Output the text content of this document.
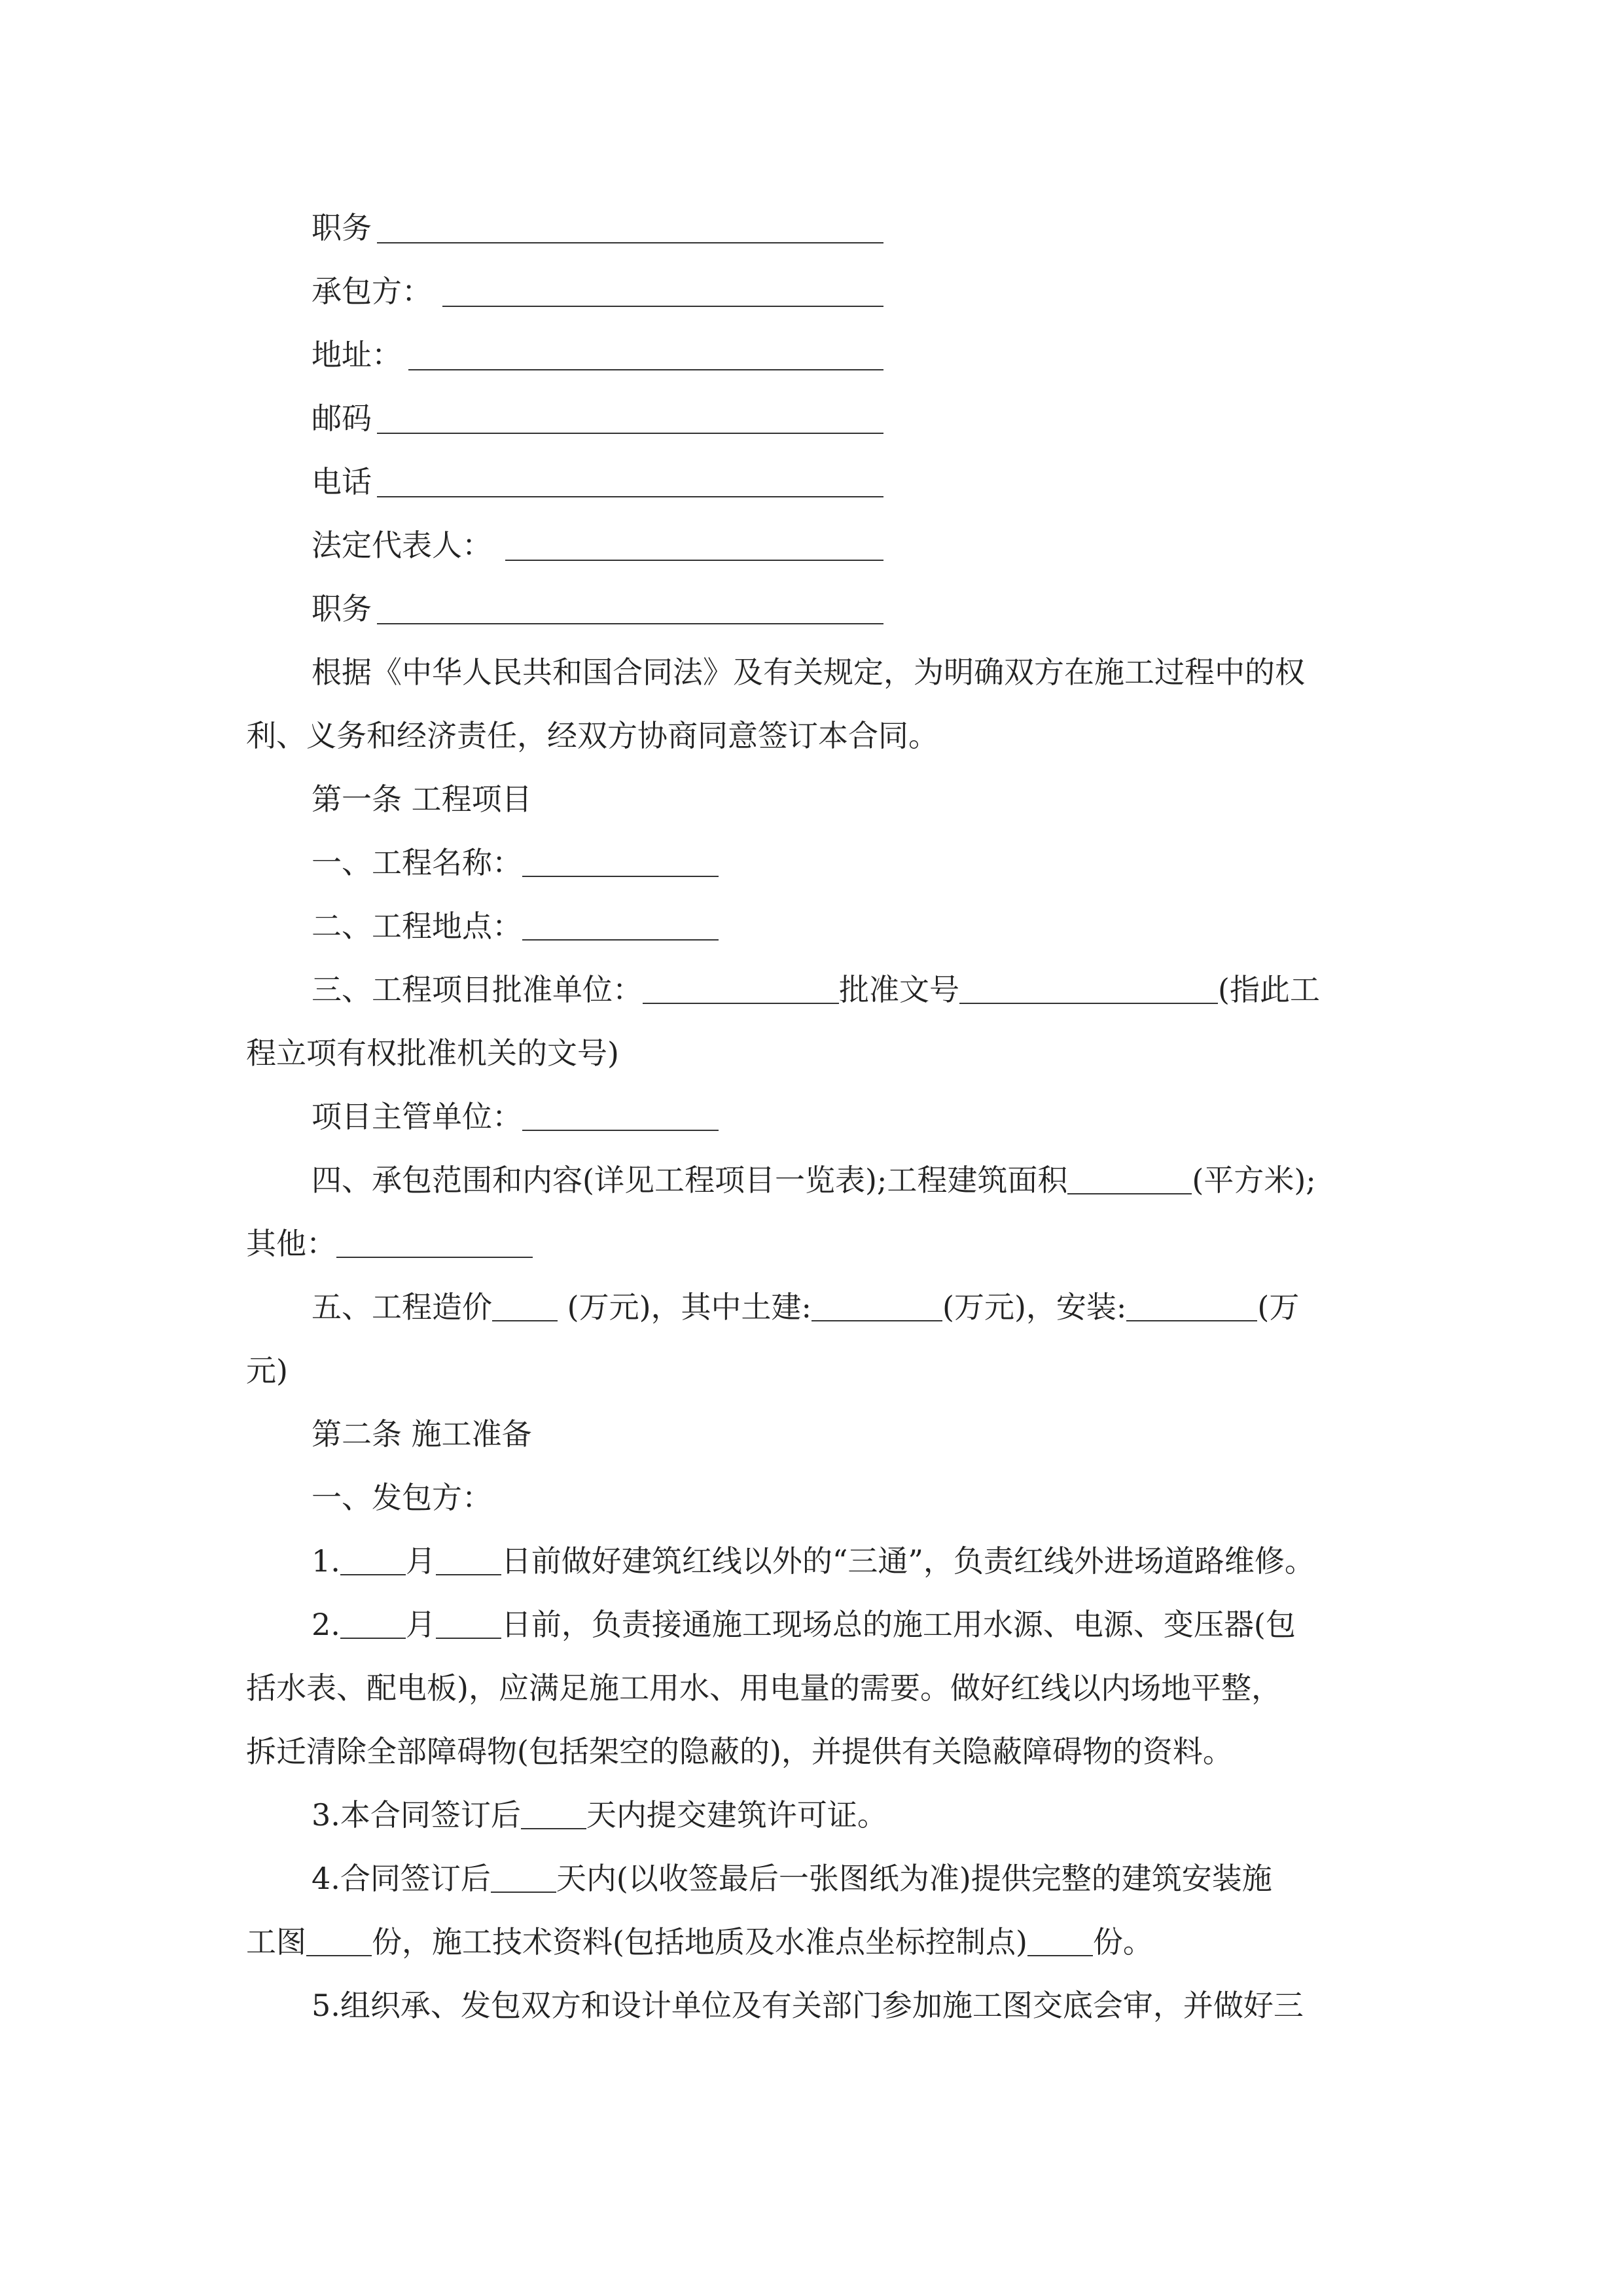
职务
承包方：
地址：
邮码
电话
法定代表人：
职务
根据《中华人民共和国合同法》及有关规定，为明确双方在施工过程中的权
利、义务和经济责任，经双方协商同意签订本合同。
第一条 工程项目
一、工程名称：
二、工程地点：
三、工程项目批准单位：	批准文号	(指此工
程立项有权批准机关的文号)
项目主管单位：
四、承包范围和内容(详见工程项目一览表);工程建筑面积	(平方米);
其他：
五、工程造价 (万元)，其中土建:	(万元)，安装:	(万
元)
第二条 施工准备
一、发包方：
1. 月 日前做好建筑红线以外的“三通”，负责红线外进场道路维修。
2. 月 日前，负责接通施工现场总的施工用水源、电源、变压器(包
括水表、配电板)，应满足施工用水、用电量的需要。做好红线以内场地平整，
拆迁清除全部障碍物(包括架空的隐蔽的)，并提供有关隐蔽障碍物的资料。
3.本合同签订后 天内提交建筑许可证。
4.合同签订后 天内(以收签最后一张图纸为准)提供完整的建筑安装施
工图 份，施工技术资料(包括地质及水准点坐标控制点) 份。
5.组织承、发包双方和设计单位及有关部门参加施工图交底会审，并做好三
